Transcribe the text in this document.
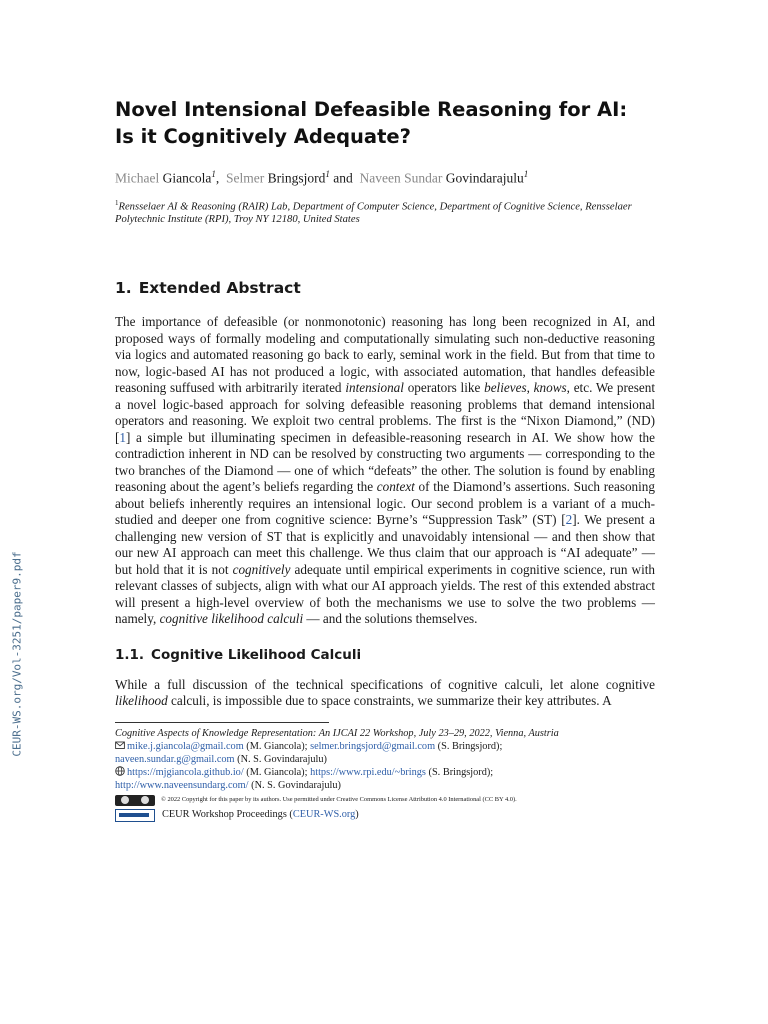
CEUR-WS.org/Vol-3251/paper9.pdf
Novel Intensional Defeasible Reasoning for AI:
Is it Cognitively Adequate?
Michael Giancola$^1$, Selmer Bringsjord$^1$ and Naveen Sundar Govindarajulu$^1$
$^1$Rensselaer AI & Reasoning (RAIR) Lab, Department of Computer Science, Department of Cognitive Science, Rensselaer Polytechnic Institute (RPI), Troy NY 12180, United States
1. Extended Abstract
The importance of defeasible (or nonmonotonic) reasoning has long been recognized in AI, and proposed ways of formally modeling and computationally simulating such non-deductive reasoning via logics and automated reasoning go back to early, seminal work in the field. But from that time to now, logic-based AI has not produced a logic, with associated automation, that handles defeasible reasoning suffused with arbitrarily iterated intensional operators like believes, knows, etc. We present a novel logic-based approach for solving defeasible reasoning problems that demand intensional operators and reasoning. We exploit two central problems. The first is the “Nixon Diamond,” (ND) [1] a simple but illuminating specimen in defeasible-reasoning research in AI. We show how the contradiction inherent in ND can be resolved by constructing two arguments — corresponding to the two branches of the Diamond — one of which “defeats” the other. The solution is found by enabling reasoning about the agent’s beliefs regarding the context of the Diamond’s assertions. Such reasoning about beliefs inherently requires an intensional logic. Our second problem is a variant of a much-studied and deeper one from cognitive science: Byrne’s “Suppression Task” (ST) [2]. We present a challenging new version of ST that is explicitly and unavoidably intensional — and then show that our new AI approach can meet this challenge. We thus claim that our approach is “AI adequate” — but hold that it is not cognitively adequate until empirical experiments in cognitive science, run with relevant classes of subjects, align with what our AI approach yields. The rest of this extended abstract will present a high-level overview of both the mechanisms we use to solve the two problems — namely, cognitive likelihood calculi — and the solutions themselves.
1.1. Cognitive Likelihood Calculi
While a full discussion of the technical specifications of cognitive calculi, let alone cognitive likelihood calculi, is impossible due to space constraints, we summarize their key attributes. A
Cognitive Aspects of Knowledge Representation: An IJCAI 22 Workshop, July 23–29, 2022, Vienna, Austria
mike.j.giancola@gmail.com (M. Giancola); selmer.bringsjord@gmail.com (S. Bringsjord);
naveen.sundar.g@gmail.com (N. S. Govindarajulu)
https://mjgiancola.github.io/ (M. Giancola); https://www.rpi.edu/~brings (S. Bringsjord);
http://www.naveensundarg.com/ (N. S. Govindarajulu)
© 2022 Copyright for this paper by its authors. Use permitted under Creative Commons License Attribution 4.0 International (CC BY 4.0).
CEUR Workshop Proceedings ( CEUR-WS.org )
